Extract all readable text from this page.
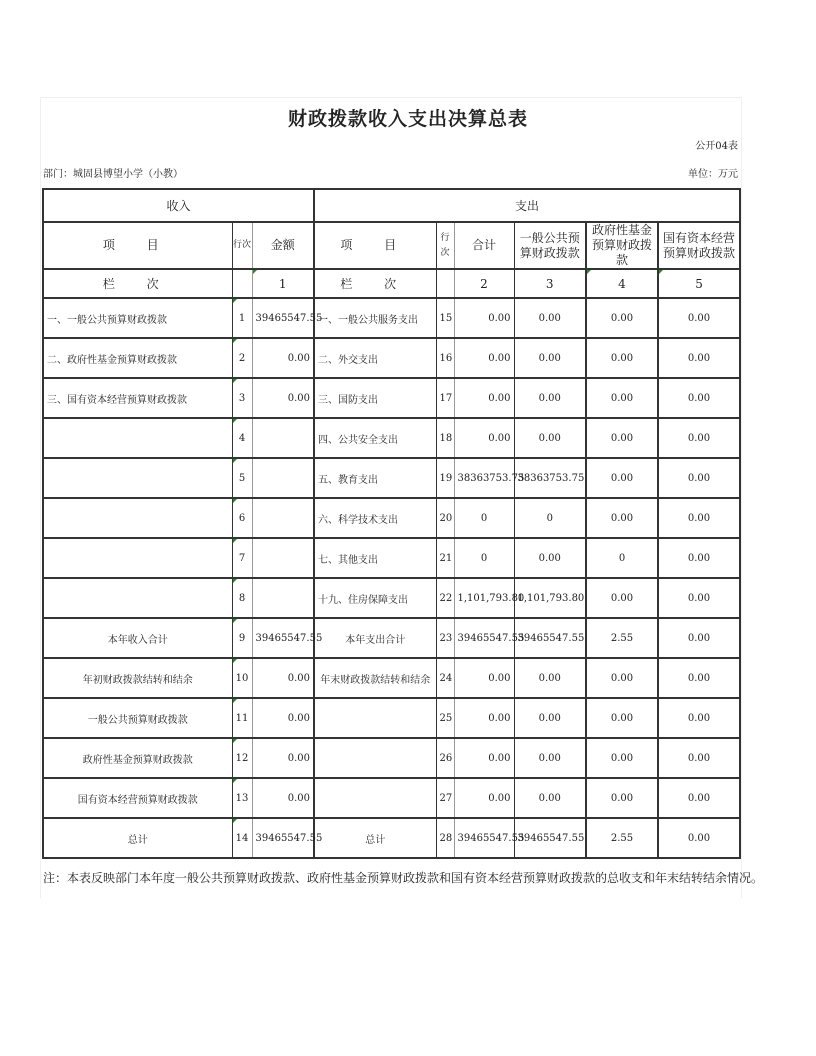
财政拨款收入支出决算总表
公开04表
部门：城固县博望小学（小教）	单位：万元
收入			支出					
项 目	行次	金额	项 目	行次	合计	一般公共预算财政拨款	政府性基金预算财政拨款	国有资本经营预算财政拨款
栏 次		1	栏 次		2	3	4	5
一、一般公共预算财政拨款	1	39465547.55	一、一般公共服务支出	15	0.00	0.00	0.00	0.00
二、政府性基金预算财政拨款	2	0.00	二、外交支出	16	0.00	0.00	0.00	0.00
三、国有资本经营预算财政拨款	3	0.00	三、国防支出	17	0.00	0.00	0.00	0.00
	4		四、公共安全支出	18	0.00	0.00	0.00	0.00
	5		五、教育支出	19	38363753.75	38363753.75	0.00	0.00
	6		六、科学技术支出	20	0	0	0.00	0.00
	7		七、其他支出	21	0	0.00	0	0.00
	8		十九、住房保障支出	22	1,101,793.80	1,101,793.80	0.00	0.00
本年收入合计	9	39465547.55	本年支出合计	23	39465547.55	39465547.55	2.55	0.00
年初财政拨款结转和结余	10	0.00	年末财政拨款结转和结余	24	0.00	0.00	0.00	0.00
一般公共预算财政拨款	11	0.00		25	0.00	0.00	0.00	0.00
政府性基金预算财政拨款	12	0.00		26	0.00	0.00	0.00	0.00
国有资本经营预算财政拨款	13	0.00		27	0.00	0.00	0.00	0.00
总计	14	39465547.55	总计	28	39465547.55	39465547.55	2.55	0.00
注：本表反映部门本年度一般公共预算财政拨款、政府性基金预算财政拨款和国有资本经营预算财政拨款的总收支和年末结转结余情况。
